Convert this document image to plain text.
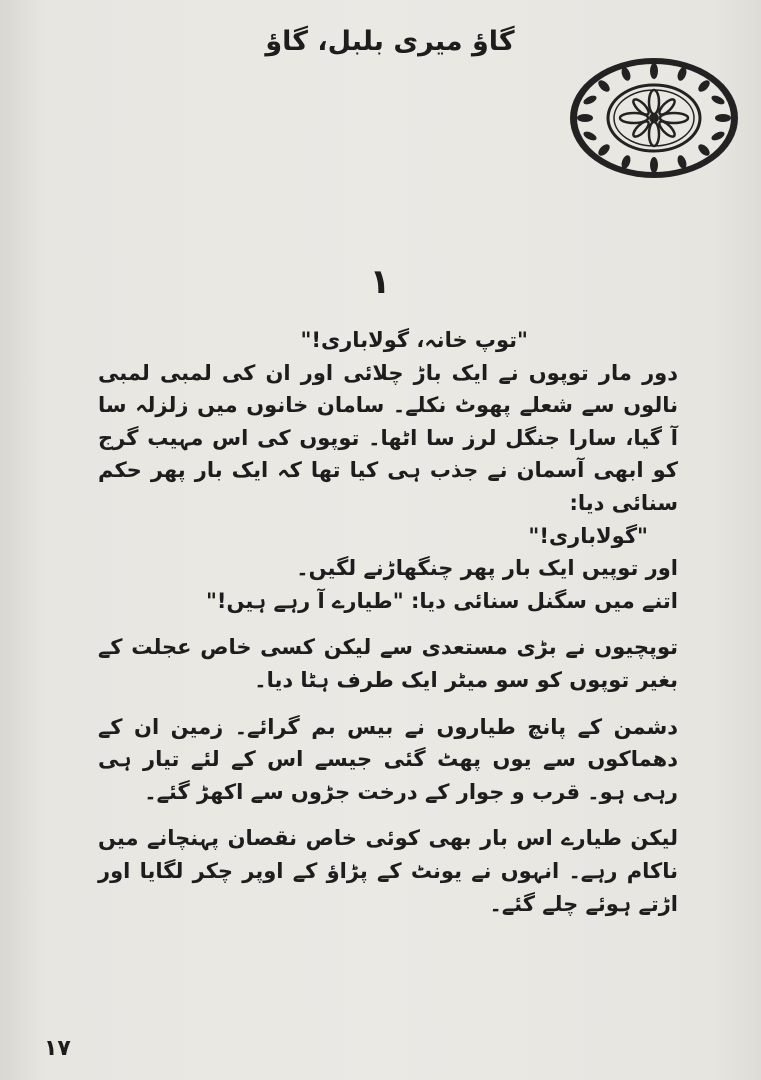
گاؤ میری بلبل، گاؤ
۱

"توپ خانہ، گولاباری!"

دور مار توپوں نے ایک باڑ چلائی اور ان کی لمبی لمبی نالوں سے شعلے پھوٹ نکلے۔ سامان خانوں میں زلزلہ سا آ گیا، سارا جنگل لرز سا اٹھا۔ توپوں کی اس مہیب گرج کو ابھی آسمان نے جذب ہی کیا تھا کہ ایک بار پھر حکم سنائی دیا:

"گولاباری!"

اور توپیں ایک بار پھر چنگھاڑنے لگیں۔

اتنے میں سگنل سنائی دیا: "طیارے آ رہے ہیں!"

توپچیوں نے بڑی مستعدی سے لیکن کسی خاص عجلت کے بغیر توپوں کو سو میٹر ایک طرف ہٹا دیا۔

دشمن کے پانچ طیاروں نے بیس بم گرائے۔ زمین ان کے دھماکوں سے یوں پھٹ گئی جیسے اس کے لئے تیار ہی رہی ہو۔ قرب و جوار کے درخت جڑوں سے اکھڑ گئے۔

لیکن طیارے اس بار بھی کوئی خاص نقصان پہنچانے میں ناکام رہے۔ انہوں نے یونٹ کے پڑاؤ کے اوپر چکر لگایا اور اڑتے ہوئے چلے گئے۔

۱۷
